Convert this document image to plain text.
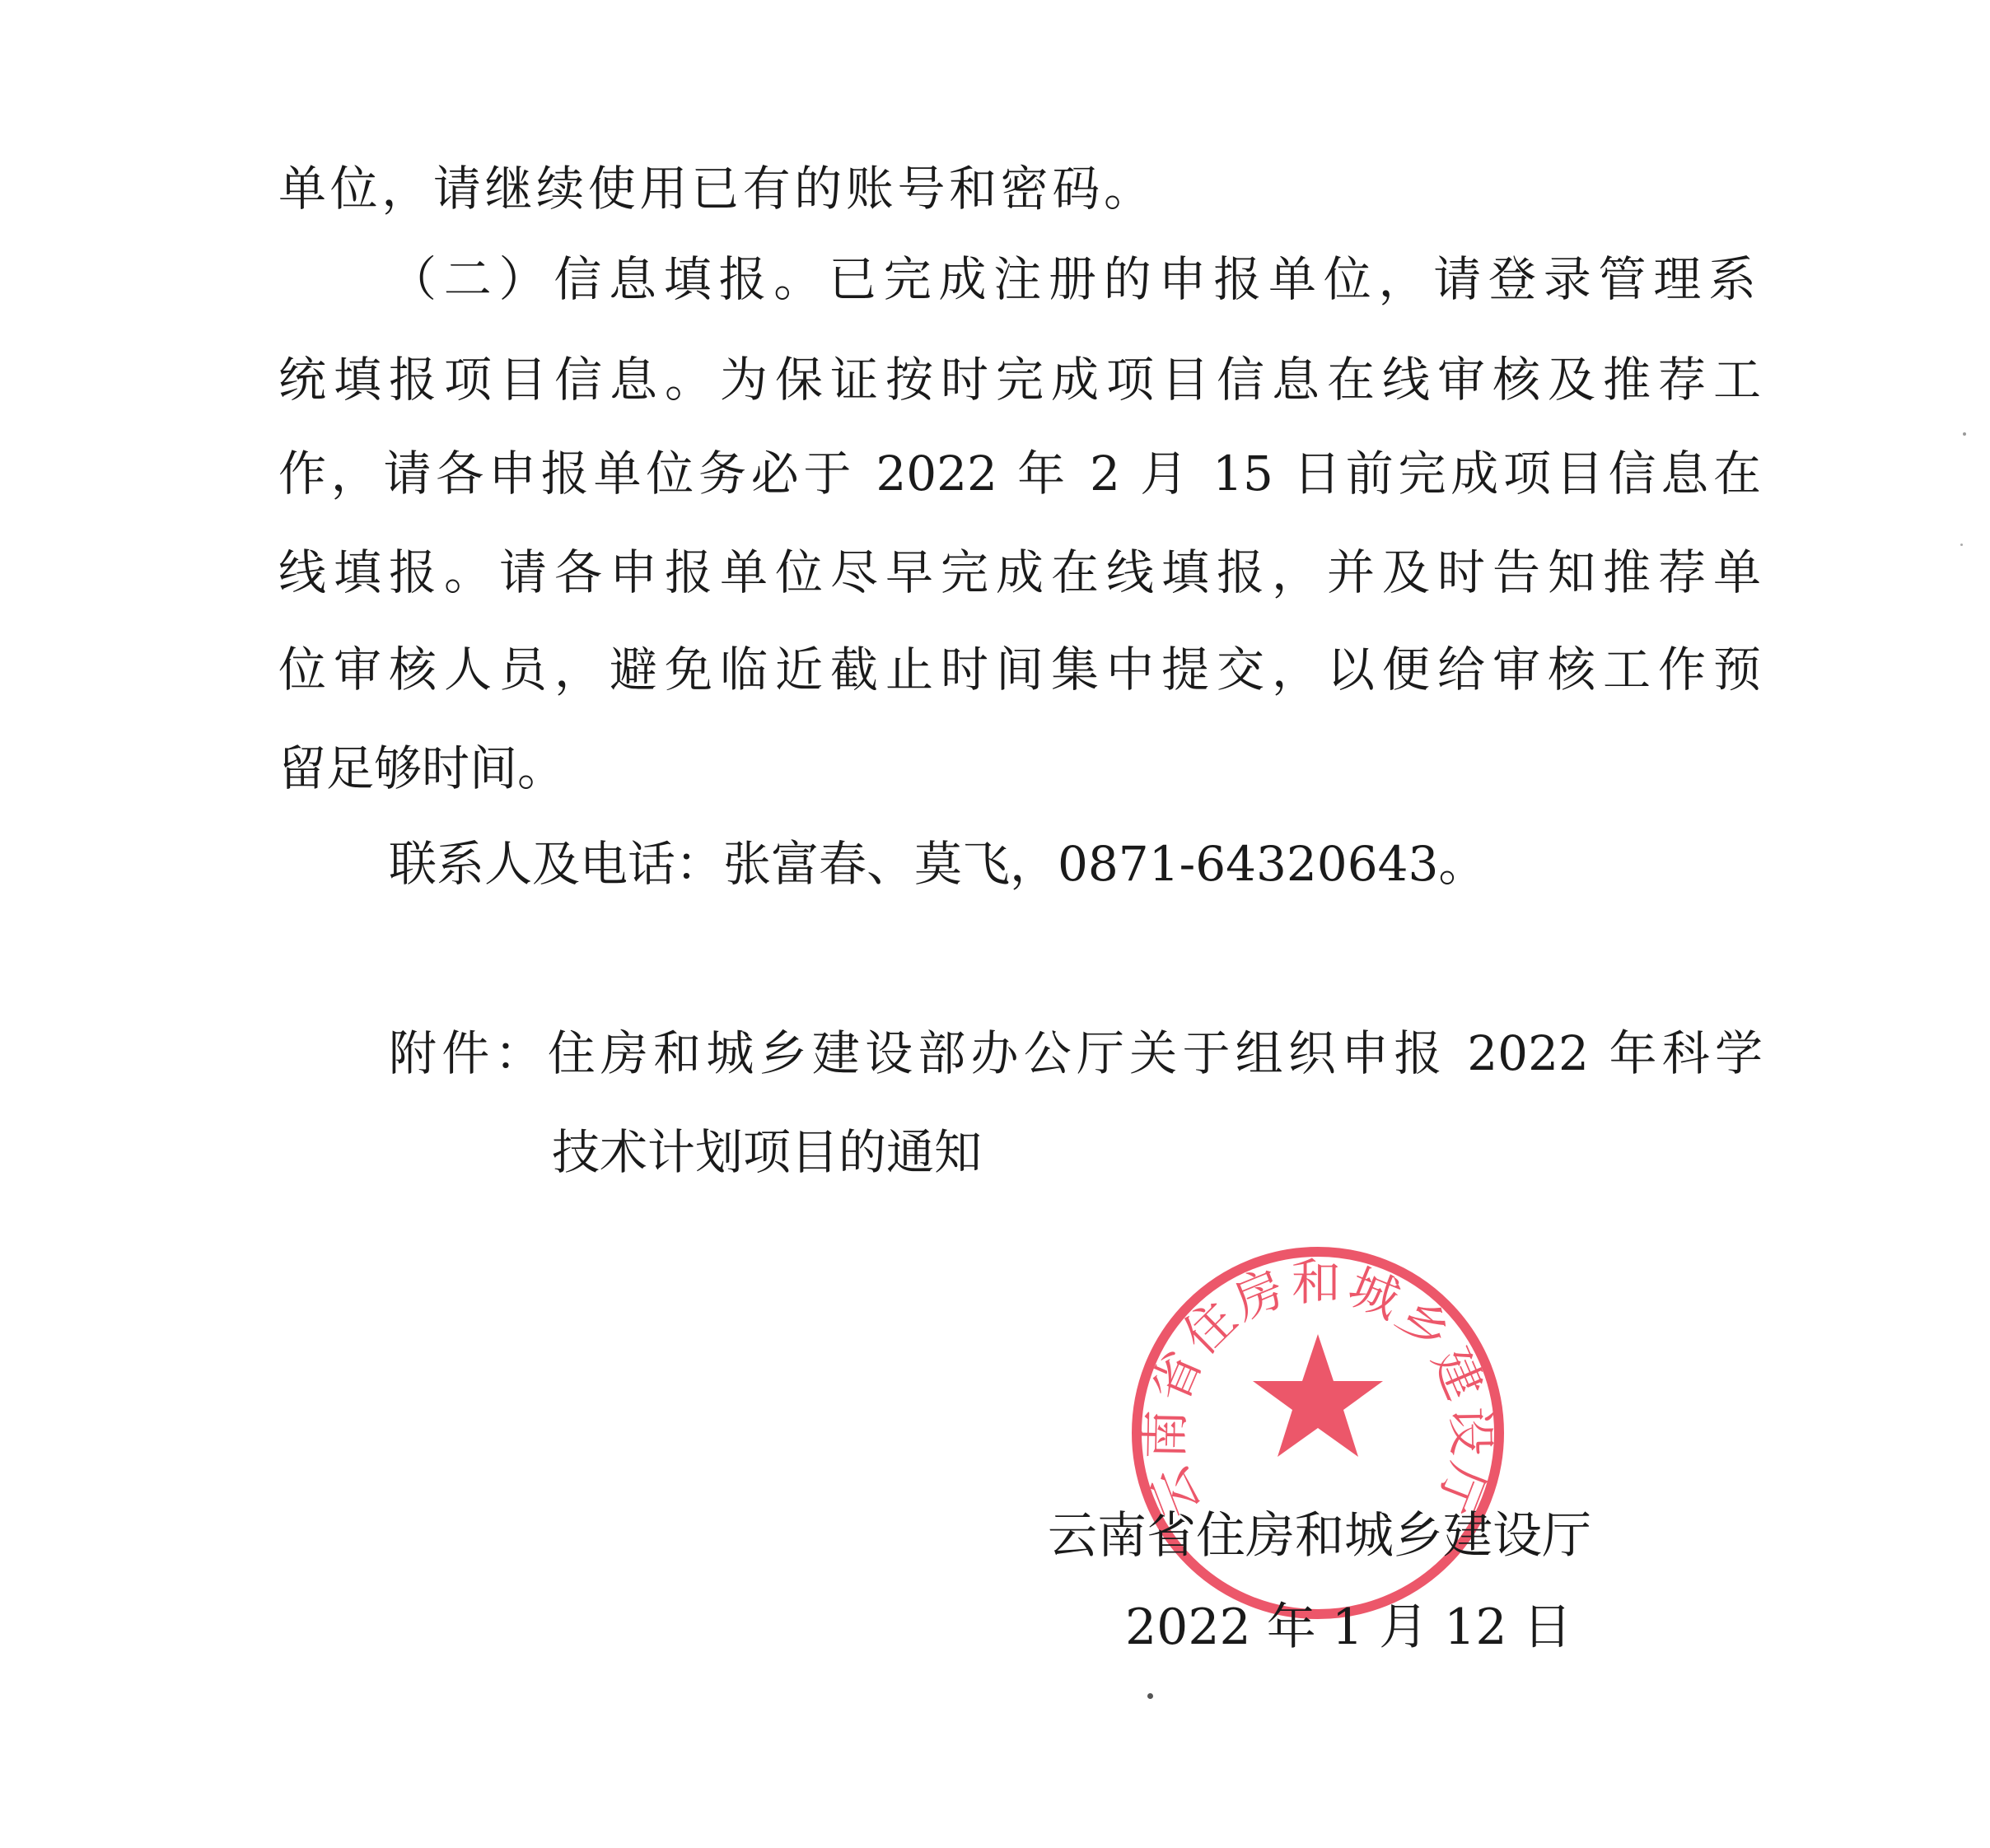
单位，请继续使用已有的账号和密码。
（二）信息填报。已完成注册的申报单位，请登录管理系
统填报项目信息。为保证按时完成项目信息在线审核及推荐工
作，请各申报单位务必于 2022 年 2 月 15 日前完成项目信息在
线填报。请各申报单位尽早完成在线填报，并及时告知推荐单
位审核人员，避免临近截止时间集中提交，以便给审核工作预
留足够时间。
联系人及电话：张富春、莫飞，0871-64320643。
附件：住房和城乡建设部办公厅关于组织申报 2022 年科学
技术计划项目的通知
云南省住房和城乡建设厅
云南省住房和城乡建设厅
2022 年 1 月 12 日
